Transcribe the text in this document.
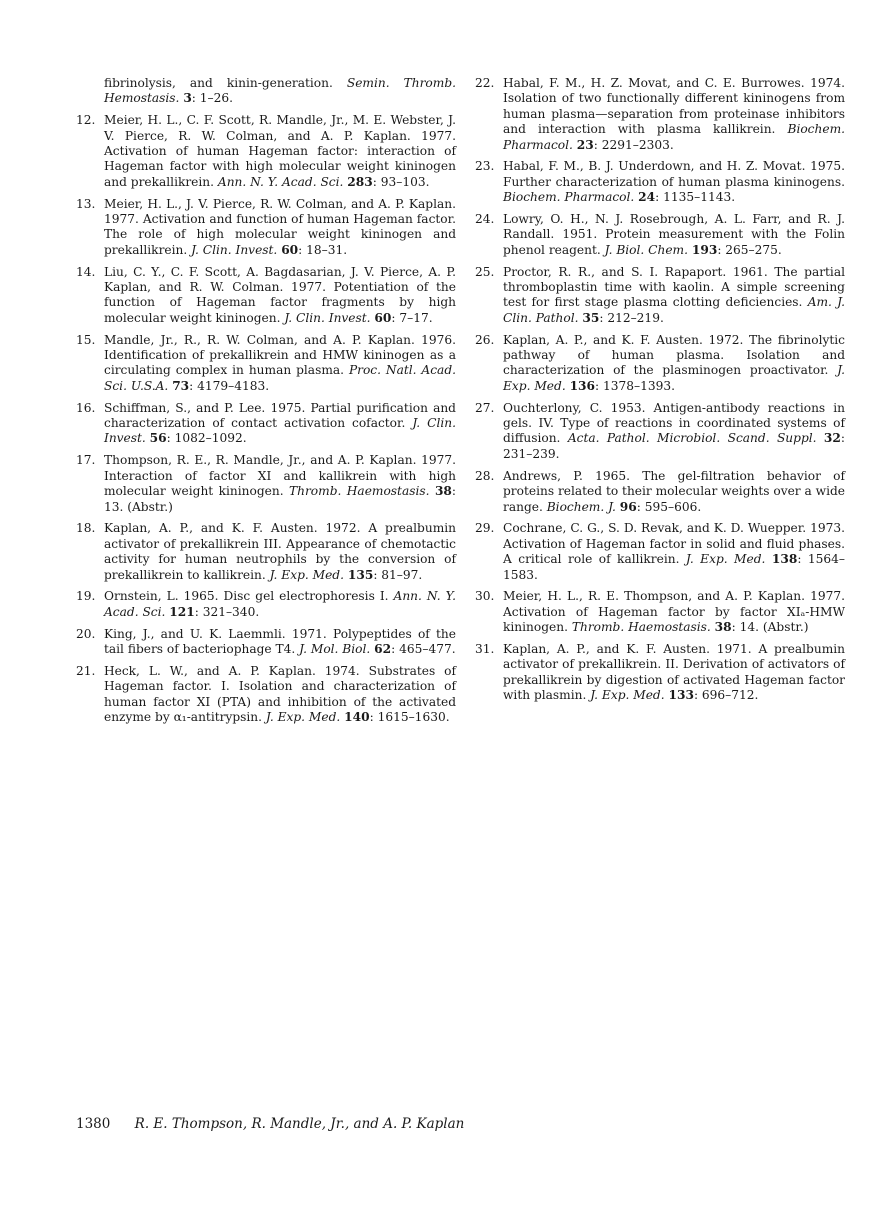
fibrinolysis, and kinin-generation. Semin. Thromb. Hemostasis. 3: 1–26.
12. Meier, H. L., C. F. Scott, R. Mandle, Jr., M. E. Webster, J. V. Pierce, R. W. Colman, and A. P. Kaplan. 1977. Activation of human Hageman factor: interaction of Hageman factor with high molecular weight kininogen and prekallikrein. Ann. N. Y. Acad. Sci. 283: 93–103.
13. Meier, H. L., J. V. Pierce, R. W. Colman, and A. P. Kaplan. 1977. Activation and function of human Hageman factor. The role of high molecular weight kininogen and prekallikrein. J. Clin. Invest. 60: 18–31.
14. Liu, C. Y., C. F. Scott, A. Bagdasarian, J. V. Pierce, A. P. Kaplan, and R. W. Colman. 1977. Potentiation of the function of Hageman factor fragments by high molecular weight kininogen. J. Clin. Invest. 60: 7–17.
15. Mandle, Jr., R., R. W. Colman, and A. P. Kaplan. 1976. Identification of prekallikrein and HMW kininogen as a circulating complex in human plasma. Proc. Natl. Acad. Sci. U.S.A. 73: 4179–4183.
16. Schiffman, S., and P. Lee. 1975. Partial purification and characterization of contact activation cofactor. J. Clin. Invest. 56: 1082–1092.
17. Thompson, R. E., R. Mandle, Jr., and A. P. Kaplan. 1977. Interaction of factor XI and kallikrein with high molecular weight kininogen. Thromb. Haemostasis. 38: 13. (Abstr.)
18. Kaplan, A. P., and K. F. Austen. 1972. A prealbumin activator of prekallikrein III. Appearance of chemotactic activity for human neutrophils by the conversion of prekallikrein to kallikrein. J. Exp. Med. 135: 81–97.
19. Ornstein, L. 1965. Disc gel electrophoresis I. Ann. N. Y. Acad. Sci. 121: 321–340.
20. King, J., and U. K. Laemmli. 1971. Polypeptides of the tail fibers of bacteriophage T4. J. Mol. Biol. 62: 465–477.
21. Heck, L. W., and A. P. Kaplan. 1974. Substrates of Hageman factor. I. Isolation and characterization of human factor XI (PTA) and inhibition of the activated enzyme by α₁-antitrypsin. J. Exp. Med. 140: 1615–1630.
22. Habal, F. M., H. Z. Movat, and C. E. Burrowes. 1974. Isolation of two functionally different kininogens from human plasma—separation from proteinase inhibitors and interaction with plasma kallikrein. Biochem. Pharmacol. 23: 2291–2303.
23. Habal, F. M., B. J. Underdown, and H. Z. Movat. 1975. Further characterization of human plasma kininogens. Biochem. Pharmacol. 24: 1135–1143.
24. Lowry, O. H., N. J. Rosebrough, A. L. Farr, and R. J. Randall. 1951. Protein measurement with the Folin phenol reagent. J. Biol. Chem. 193: 265–275.
25. Proctor, R. R., and S. I. Rapaport. 1961. The partial thromboplastin time with kaolin. A simple screening test for first stage plasma clotting deficiencies. Am. J. Clin. Pathol. 35: 212–219.
26. Kaplan, A. P., and K. F. Austen. 1972. The fibrinolytic pathway of human plasma. Isolation and characterization of the plasminogen proactivator. J. Exp. Med. 136: 1378–1393.
27. Ouchterlony, C. 1953. Antigen-antibody reactions in gels. IV. Type of reactions in coordinated systems of diffusion. Acta. Pathol. Microbiol. Scand. Suppl. 32: 231–239.
28. Andrews, P. 1965. The gel-filtration behavior of proteins related to their molecular weights over a wide range. Biochem. J. 96: 595–606.
29. Cochrane, C. G., S. D. Revak, and K. D. Wuepper. 1973. Activation of Hageman factor in solid and fluid phases. A critical role of kallikrein. J. Exp. Med. 138: 1564–1583.
30. Meier, H. L., R. E. Thompson, and A. P. Kaplan. 1977. Activation of Hageman factor by factor XIₐ-HMW kininogen. Thromb. Haemostasis. 38: 14. (Abstr.)
31. Kaplan, A. P., and K. F. Austen. 1971. A prealbumin activator of prekallikrein. II. Derivation of activators of prekallikrein by digestion of activated Hageman factor with plasmin. J. Exp. Med. 133: 696–712.
1380 R. E. Thompson, R. Mandle, Jr., and A. P. Kaplan
